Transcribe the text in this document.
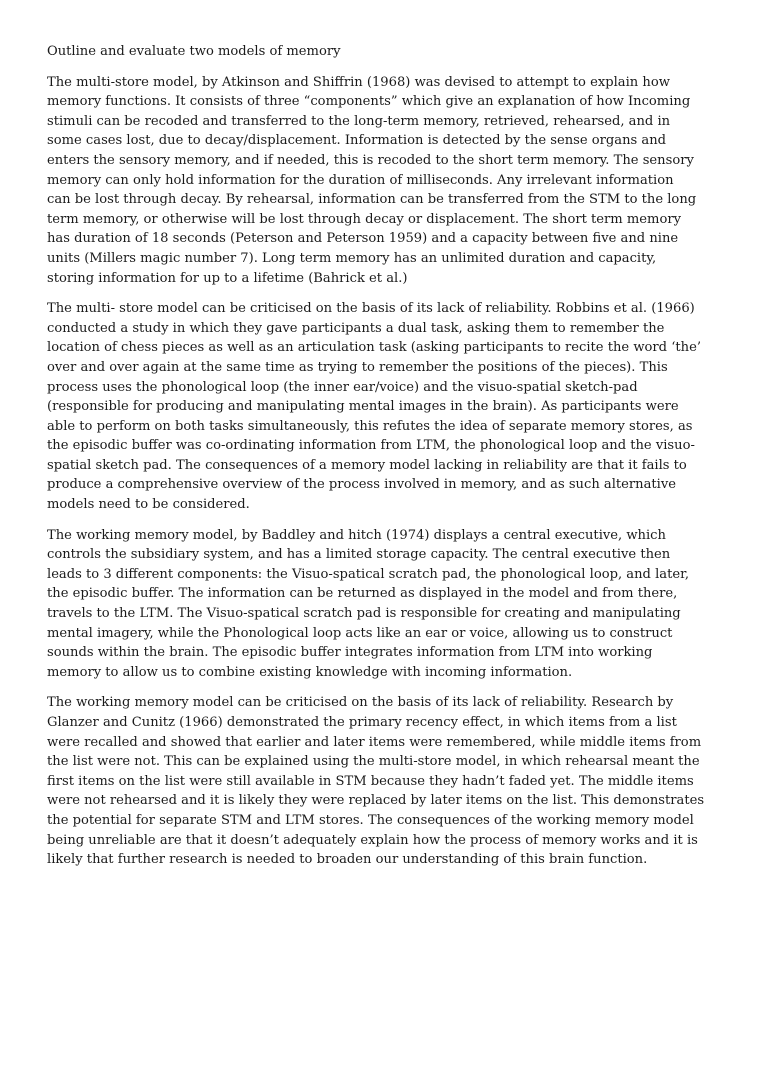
Outline and evaluate two models of memory
The multi-store model, by Atkinson and Shiffrin (1968) was devised to attempt to explain how
memory functions. It consists of three “components” which give an explanation of how Incoming
stimuli can be recoded and transferred to the long-term memory, retrieved, rehearsed, and in
some cases lost, due to decay/displacement. Information is detected by the sense organs and
enters the sensory memory, and if needed, this is recoded to the short term memory. The sensory
memory can only hold information for the duration of milliseconds. Any irrelevant information
can be lost through decay. By rehearsal, information can be transferred from the STM to the long
term memory, or otherwise will be lost through decay or displacement. The short term memory
has duration of 18 seconds (Peterson and Peterson 1959) and a capacity between five and nine
units (Millers magic number 7). Long term memory has an unlimited duration and capacity,
storing information for up to a lifetime (Bahrick et al.)
The multi- store model can be criticised on the basis of its lack of reliability. Robbins et al. (1966)
conducted a study in which they gave participants a dual task, asking them to remember the
location of chess pieces as well as an articulation task (asking participants to recite the word ‘the’
over and over again at the same time as trying to remember the positions of the pieces). This
process uses the phonological loop (the inner ear/voice) and the visuo-spatial sketch-pad
(responsible for producing and manipulating mental images in the brain). As participants were
able to perform on both tasks simultaneously, this refutes the idea of separate memory stores, as
the episodic buffer was co-ordinating information from LTM, the phonological loop and the visuo-
spatial sketch pad. The consequences of a memory model lacking in reliability are that it fails to
produce a comprehensive overview of the process involved in memory, and as such alternative
models need to be considered.
The working memory model, by Baddley and hitch (1974) displays a central executive, which
controls the subsidiary system, and has a limited storage capacity. The central executive then
leads to 3 different components: the Visuo-spatical scratch pad, the phonological loop, and later,
the episodic buffer. The information can be returned as displayed in the model and from there,
travels to the LTM. The Visuo-spatical scratch pad is responsible for creating and manipulating
mental imagery, while the Phonological loop acts like an ear or voice, allowing us to construct
sounds within the brain. The episodic buffer integrates information from LTM into working
memory to allow us to combine existing knowledge with incoming information.
The working memory model can be criticised on the basis of its lack of reliability. Research by
Glanzer and Cunitz (1966) demonstrated the primary recency effect, in which items from a list
were recalled and showed that earlier and later items were remembered, while middle items from
the list were not. This can be explained using the multi-store model, in which rehearsal meant the
first items on the list were still available in STM because they hadn’t faded yet. The middle items
were not rehearsed and it is likely they were replaced by later items on the list. This demonstrates
the potential for separate STM and LTM stores. The consequences of the working memory model
being unreliable are that it doesn’t adequately explain how the process of memory works and it is
likely that further research is needed to broaden our understanding of this brain function.
